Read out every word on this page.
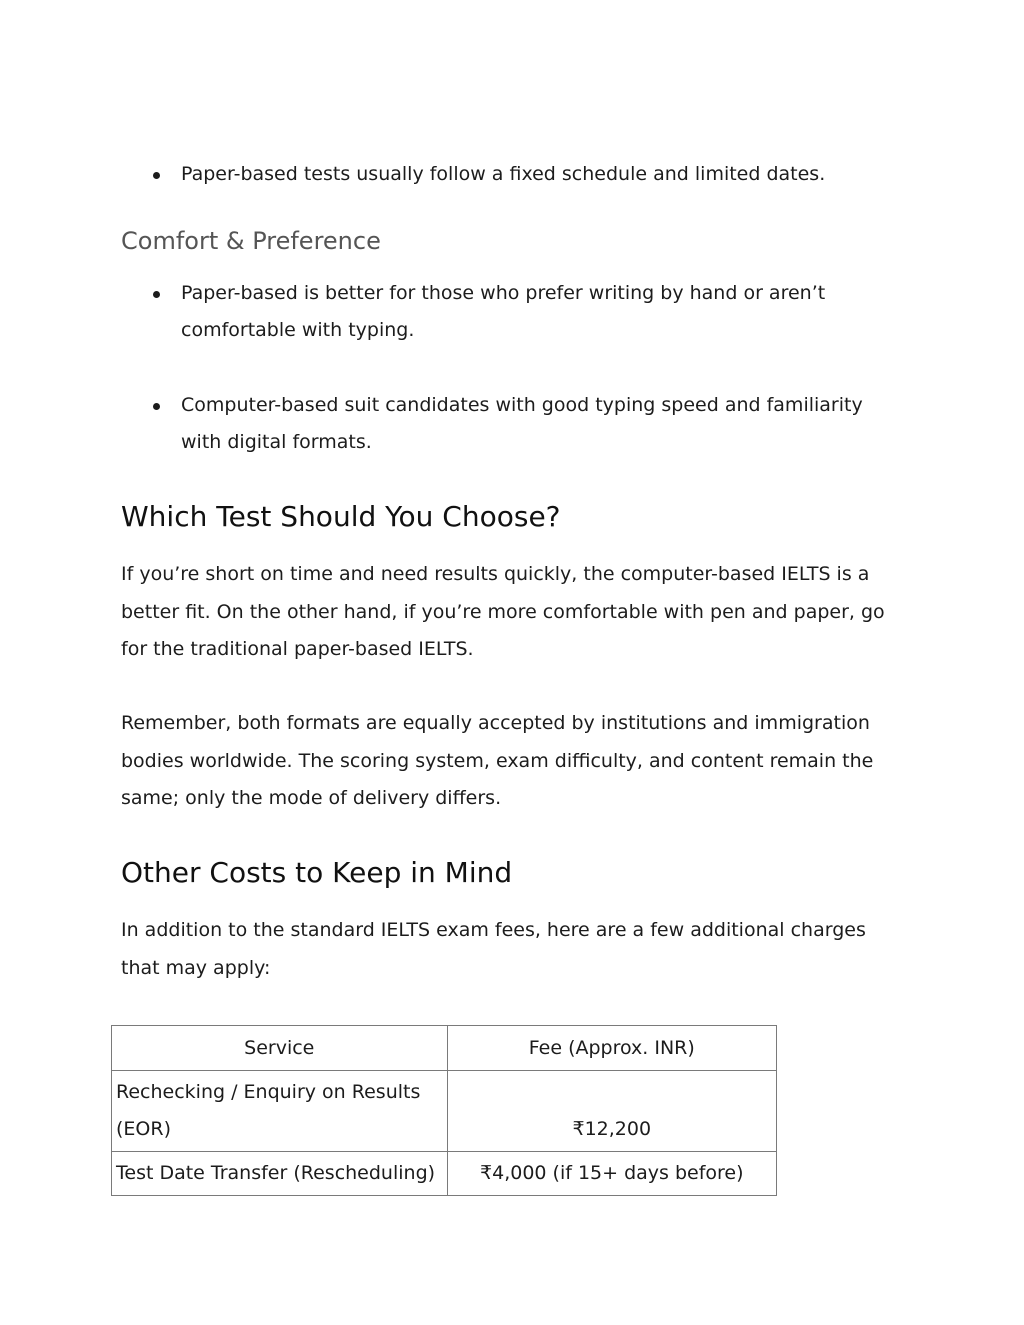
Paper-based tests usually follow a fixed schedule and limited dates.
Comfort & Preference
Paper-based is better for those who prefer writing by hand or aren’t comfortable with typing.
Computer-based suit candidates with good typing speed and familiarity with digital formats.
Which Test Should You Choose?

If you’re short on time and need results quickly, the computer-based IELTS is a better fit. On the other hand, if you’re more comfortable with pen and paper, go for the traditional paper-based IELTS.

Remember, both formats are equally accepted by institutions and immigration bodies worldwide. The scoring system, exam difficulty, and content remain the same; only the mode of delivery differs.

Other Costs to Keep in Mind

In addition to the standard IELTS exam fees, here are a few additional charges that may apply:

Service	Fee (Approx. INR)
Rechecking / Enquiry on Results (EOR)	₹12,200
Test Date Transfer (Rescheduling)	₹4,000 (if 15+ days before)
